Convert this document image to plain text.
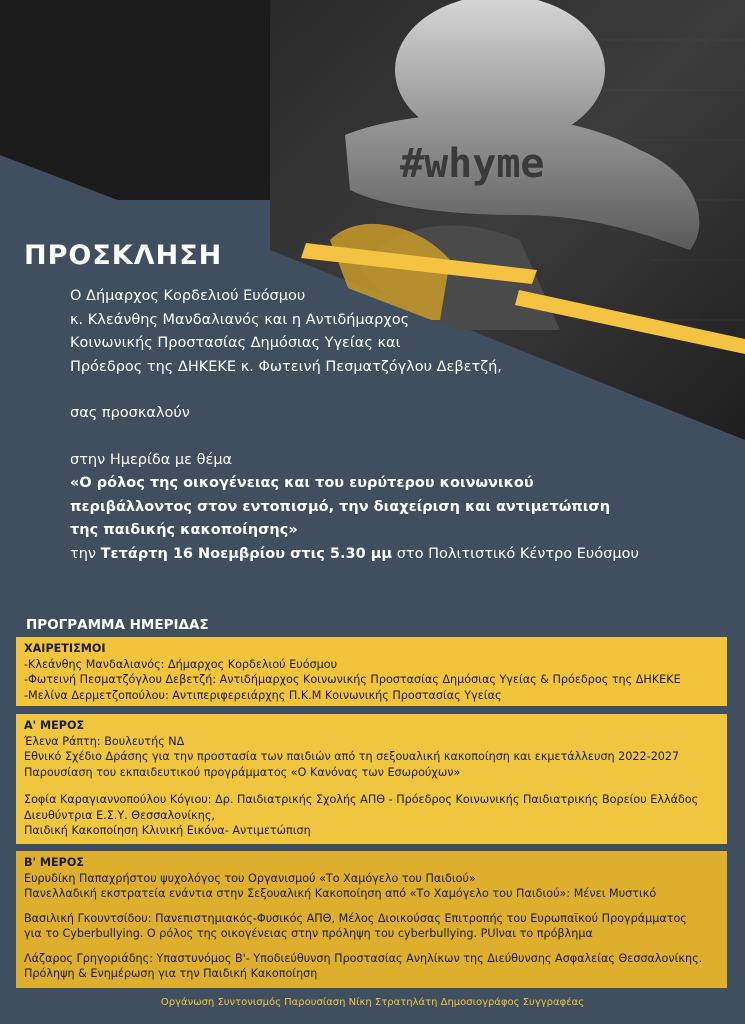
#whyme
ΠΡΟΣΚΛΗΣΗ
Ο Δήμαρχος Κορδελιού Ευόσμου
κ. Κλεάνθης Μανδαλιανός και η Αντιδήμαρχος
Κοινωνικής Προστασίας Δημόσιας Υγείας και
Πρόεδρος της ΔΗΚΕΚΕ κ. Φωτεινή Πεσματζόγλου Δεβετζή,
σας προσκαλούν
στην Ημερίδα με θέμα
«Ο ρόλος της οικογένειας και του ευρύτερου κοινωνικού
περιβάλλοντος στον εντοπισμό, την διαχείριση και αντιμετώπιση
της παιδικής κακοποίησης»
την Τετάρτη 16 Νοεμβρίου στις 5.30 μμ στο Πολιτιστικό Κέντρο Ευόσμου
ΠΡΟΓΡΑΜΜΑ ΗΜΕΡΙΔΑΣ
ΧΑΙΡΕΤΙΣΜΟΙ
-Κλεάνθης Μανδαλιανός: Δήμαρχος Κορδελιού Ευόσμου
-Φωτεινή Πεσματζόγλου Δεβετζή: Αντιδήμαρχος Κοινωνικής Προστασίας Δημόσιας Υγείας & Πρόεδρος της ΔΗΚΕΚΕ
-Μελίνα Δερμετζοπούλου: Αντιπεριφερειάρχης Π.Κ.Μ Κοινωνικής Προστασίας Υγείας
Α' ΜΕΡΟΣ
Έλενα Ράπτη: Βουλευτής ΝΔ
Εθνικό Σχέδιο Δράσης για την προστασία των παιδιών από τη σεξουαλική κακοποίηση και εκμετάλλευση 2022-2027
Παρουσίαση του εκπαιδευτικού προγράμματος «Ο Κανόνας των Εσωρούχων»
Σοφία Καραγιαννοπούλου Κόγιου: Δρ. Παιδιατρικής Σχολής ΑΠΘ - Πρόεδρος Κοινωνικής Παιδιατρικής Βορείου Ελλάδος
Διευθύντρια Ε.Σ.Υ. Θεσσαλονίκης,
Παιδική Κακοποίηση Κλινική Εικόνα- Αντιμετώπιση
Β' ΜΕΡΟΣ
Ευρυδίκη Παπαχρήστου ψυχολόγος του Οργανισμού «Το Χαμόγελο του Παιδιού»
Πανελλαδική εκστρατεία ενάντια στην Σεξουαλική Κακοποίηση από «Το Χαμόγελο του Παιδιού»: Μένει Μυστικό
Βασιλική Γκουντσίδου: Πανεπιστημιακός-Φυσικός ΑΠΘ, Μέλος Διοικούσας Επιτροπής του Ευρωπαϊκού Προγράμματος
για το Cyberbullying. Ο ρόλος της οικογένειας στην πρόληψη του cyberbullying. PUlναι το πρόβλημα
Λάζαρος Γρηγοριάδης: Υπαστυνόμος Β'- Υποδιεύθυνση Προστασίας Ανηλίκων της Διεύθυνσης Ασφαλείας Θεσσαλονίκης.
Πρόληψη & Ενημέρωση για την Παιδική Κακοποίηση
Οργάνωση Συντονισμός Παρουσίαση Νίκη Στρατηλάτη Δημοσιογράφος Συγγραφέας
